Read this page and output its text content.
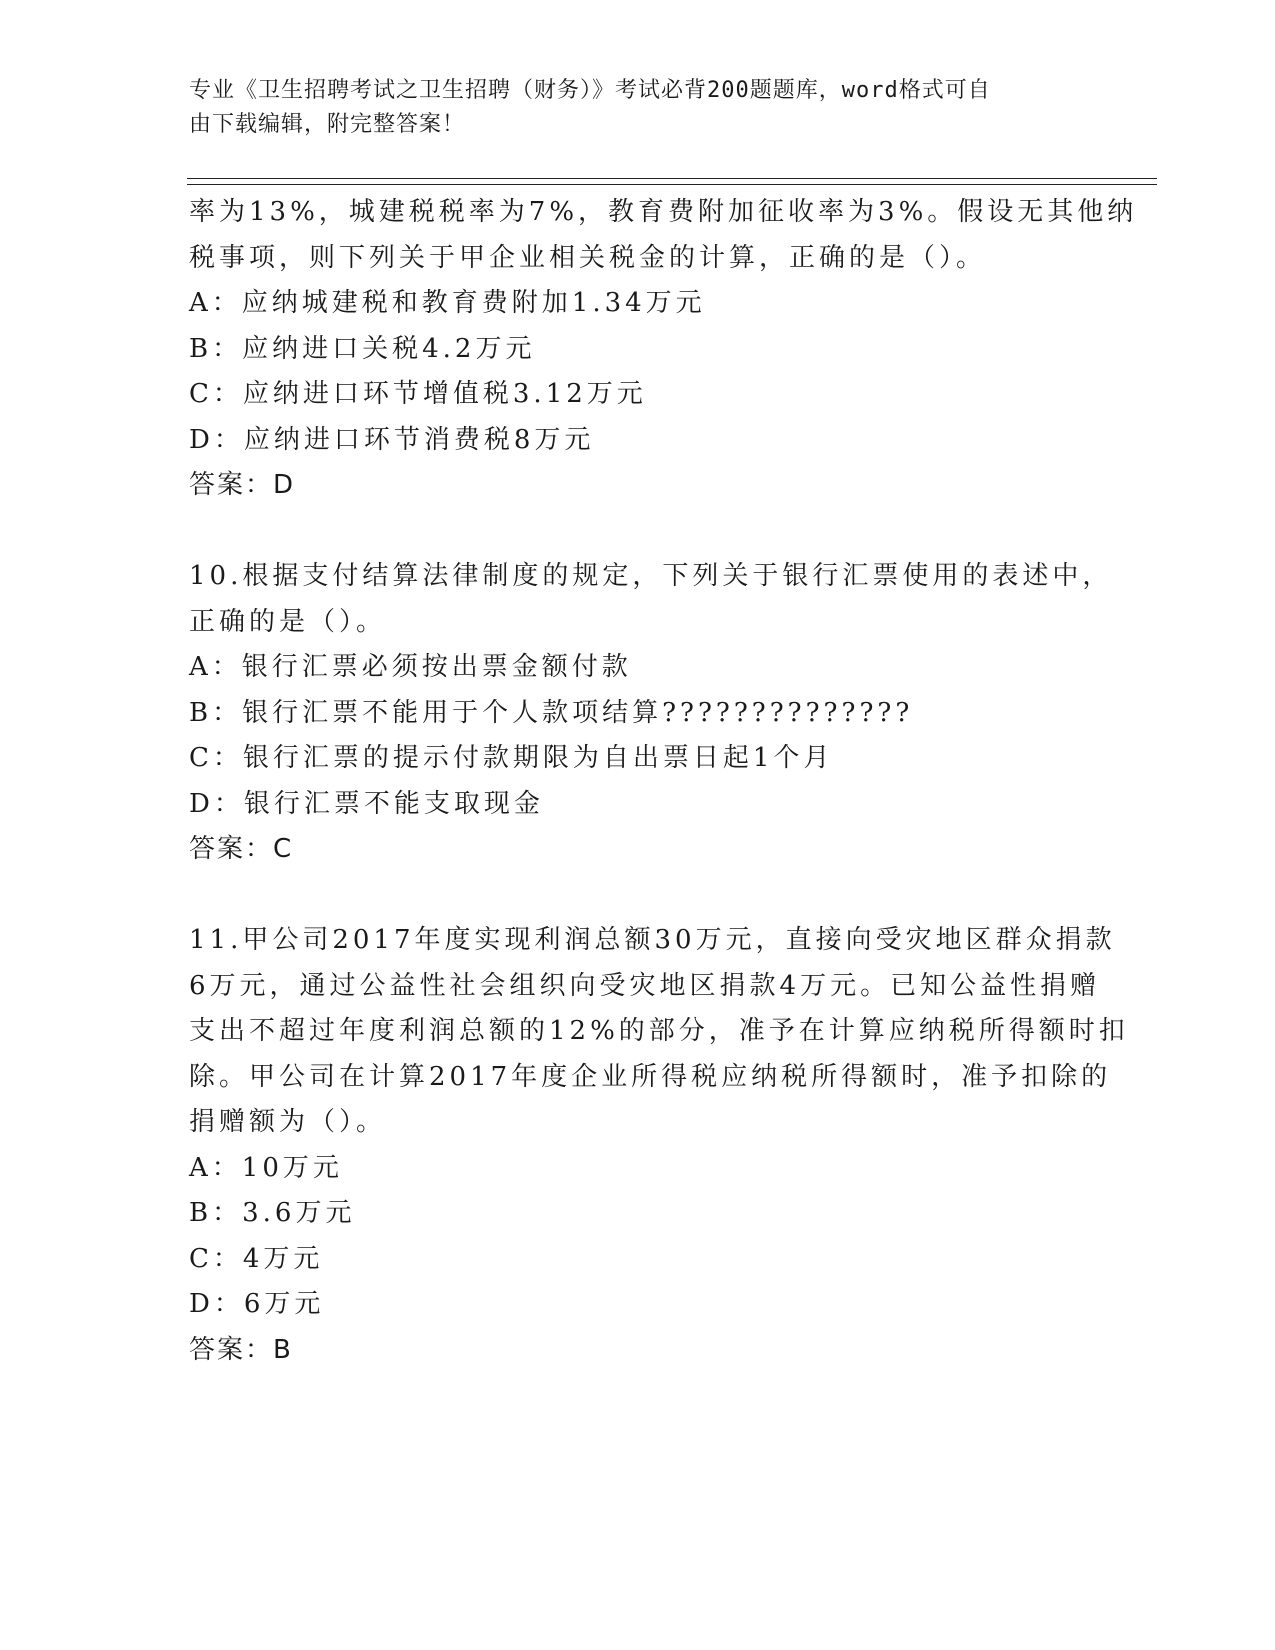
专业《卫生招聘考试之卫生招聘（财务）》考试必背200题题库，word格式可自
由下载编辑，附完整答案！
率为13%，城建税税率为7%，教育费附加征收率为3%。假设无其他纳
税事项，则下列关于甲企业相关税金的计算，正确的是（）。
A：应纳城建税和教育费附加1.34万元
B：应纳进口关税4.2万元
C：应纳进口环节增值税3.12万元
D：应纳进口环节消费税8万元
答案：D
10.根据支付结算法律制度的规定，下列关于银行汇票使用的表述中，
正确的是（）。
A：银行汇票必须按出票金额付款
B：银行汇票不能用于个人款项结算??????????????
C：银行汇票的提示付款期限为自出票日起1个月
D：银行汇票不能支取现金
答案：C
11.甲公司2017年度实现利润总额30万元，直接向受灾地区群众捐款
6万元，通过公益性社会组织向受灾地区捐款4万元。已知公益性捐赠
支出不超过年度利润总额的12%的部分，准予在计算应纳税所得额时扣
除。甲公司在计算2017年度企业所得税应纳税所得额时，准予扣除的
捐赠额为（）。
A：10万元
B：3.6万元
C：4万元
D：6万元
答案：B
